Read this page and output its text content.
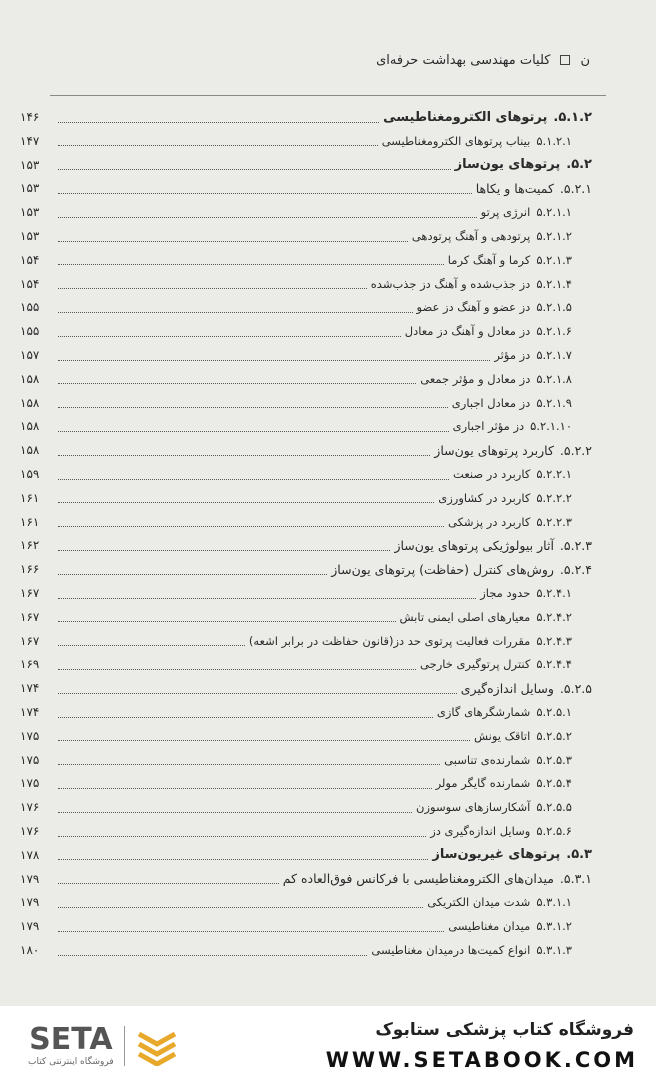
ن
کلیات مهندسی بهداشت حرفه‌ای
۵.۱.۲.
پرتوهای الکترومغناطیسی
۱۴۶
۵.۱.۲.۱
بیناب پرتوهای الکترومغناطیسی
۱۴۷
۵.۲.
پرتوهای یون‌ساز
۱۵۳
۵.۲.۱.
کمیت‌ها و یکاها
۱۵۳
۵.۲.۱.۱
انرژی پرتو
۱۵۳
۵.۲.۱.۲
پرتودهی و آهنگ پرتودهی
۱۵۳
۵.۲.۱.۳
کرما و آهنگ کرما
۱۵۴
۵.۲.۱.۴
دز جذب‌شده و آهنگ دز جذب‌شده
۱۵۴
۵.۲.۱.۵
دز عضو و آهنگ دز عضو
۱۵۵
۵.۲.۱.۶
دز معادل و آهنگ دز معادل
۱۵۵
۵.۲.۱.۷
دز مؤثر
۱۵۷
۵.۲.۱.۸
دز معادل و مؤثر جمعی
۱۵۸
۵.۲.۱.۹
دز معادل اجباری
۱۵۸
۵.۲.۱.۱۰
دز مؤثر اجباری
۱۵۸
۵.۲.۲.
کاربرد پرتوهای یون‌ساز
۱۵۸
۵.۲.۲.۱
کاربرد در صنعت
۱۵۹
۵.۲.۲.۲
کاربرد در کشاورزی
۱۶۱
۵.۲.۲.۳
کاربرد در پزشکی
۱۶۱
۵.۲.۳.
آثار بیولوژیکی پرتوهای یون‌ساز
۱۶۲
۵.۲.۴.
روش‌های کنترل (حفاظت) پرتوهای یون‌ساز
۱۶۶
۵.۲.۴.۱
حدود مجاز
۱۶۷
۵.۲.۴.۲
معیارهای اصلی ایمنی تابش
۱۶۷
۵.۲.۴.۳
مقررات فعالیت پرتوی حد دز(قانون حفاظت در برابر اشعه)
۱۶۷
۵.۲.۴.۴
کنترل پرتوگیری خارجی
۱۶۹
۵.۲.۵.
وسایل اندازه‌گیری
۱۷۴
۵.۲.۵.۱
شمارشگرهای گازی
۱۷۴
۵.۲.۵.۲
اتاقک یونش
۱۷۵
۵.۲.۵.۳
شمارنده‌ی تناسبی
۱۷۵
۵.۲.۵.۴
شمارنده گایگر مولر
۱۷۵
۵.۲.۵.۵
آشکارسازهای سوسوزن
۱۷۶
۵.۲.۵.۶
وسایل اندازه‌گیری دز
۱۷۶
۵.۳.
پرتوهای غیریون‌ساز
۱۷۸
۵.۳.۱.
میدان‌های الکترومغناطیسی با فرکانس فوق‌العاده کم
۱۷۹
۵.۳.۱.۱
شدت میدان الکتریکی
۱۷۹
۵.۳.۱.۲
میدان مغناطیسی
۱۷۹
۵.۳.۱.۳
انواع کمیت‌ها درمیدان مغناطیسی
۱۸۰
SETA
فروشگاه اینترنتی کتاب
فروشگاه کتاب پزشکی ستابوک
WWW.SETABOOK.COM
